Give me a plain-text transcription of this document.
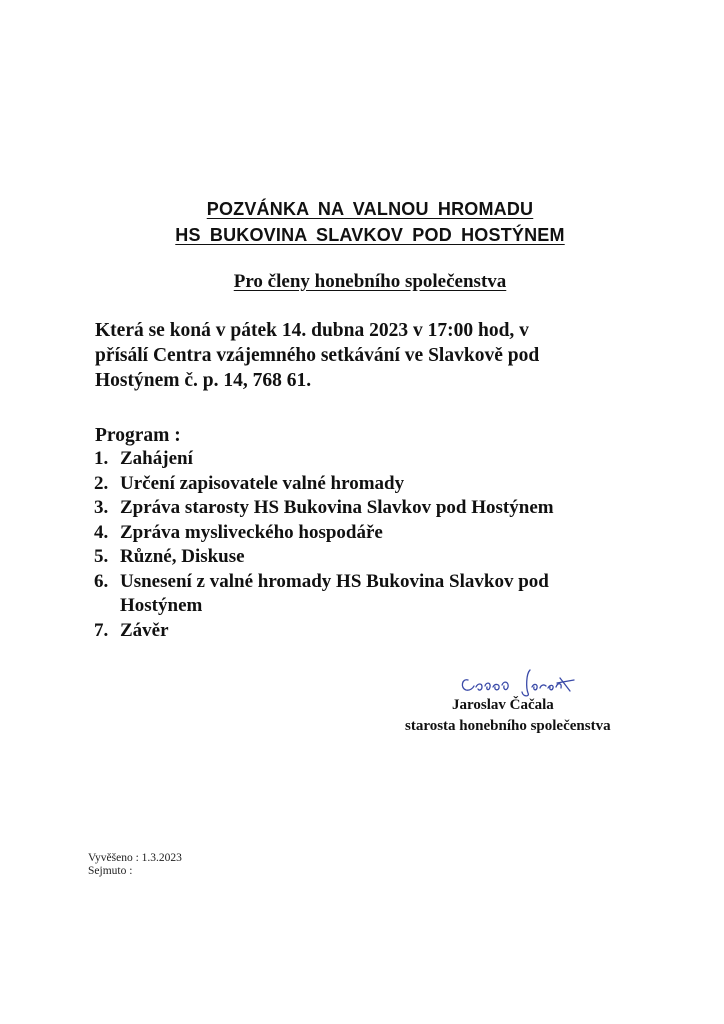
POZVÁNKA NA VALNOU HROMADU
HS BUKOVINA SLAVKOV POD HOSTÝNEM
Pro členy honebního společenstva
Která se koná v pátek 14. dubna 2023 v 17:00 hod, v
přísálí Centra vzájemného setkávání ve Slavkově pod
Hostýnem č. p. 14, 768 61.
Program :
1. Zahájení
2. Určení zapisovatele valné hromady
3. Zpráva starosty HS Bukovina Slavkov pod Hostýnem
4. Zpráva mysliveckého hospodáře
5. Různé, Diskuse
6. Usnesení z valné hromady HS Bukovina Slavkov pod
Hostýnem
7. Závěr
Jaroslav Čačala
starosta honebního společenstva
Vyvěšeno : 1.3.2023
Sejmuto :
